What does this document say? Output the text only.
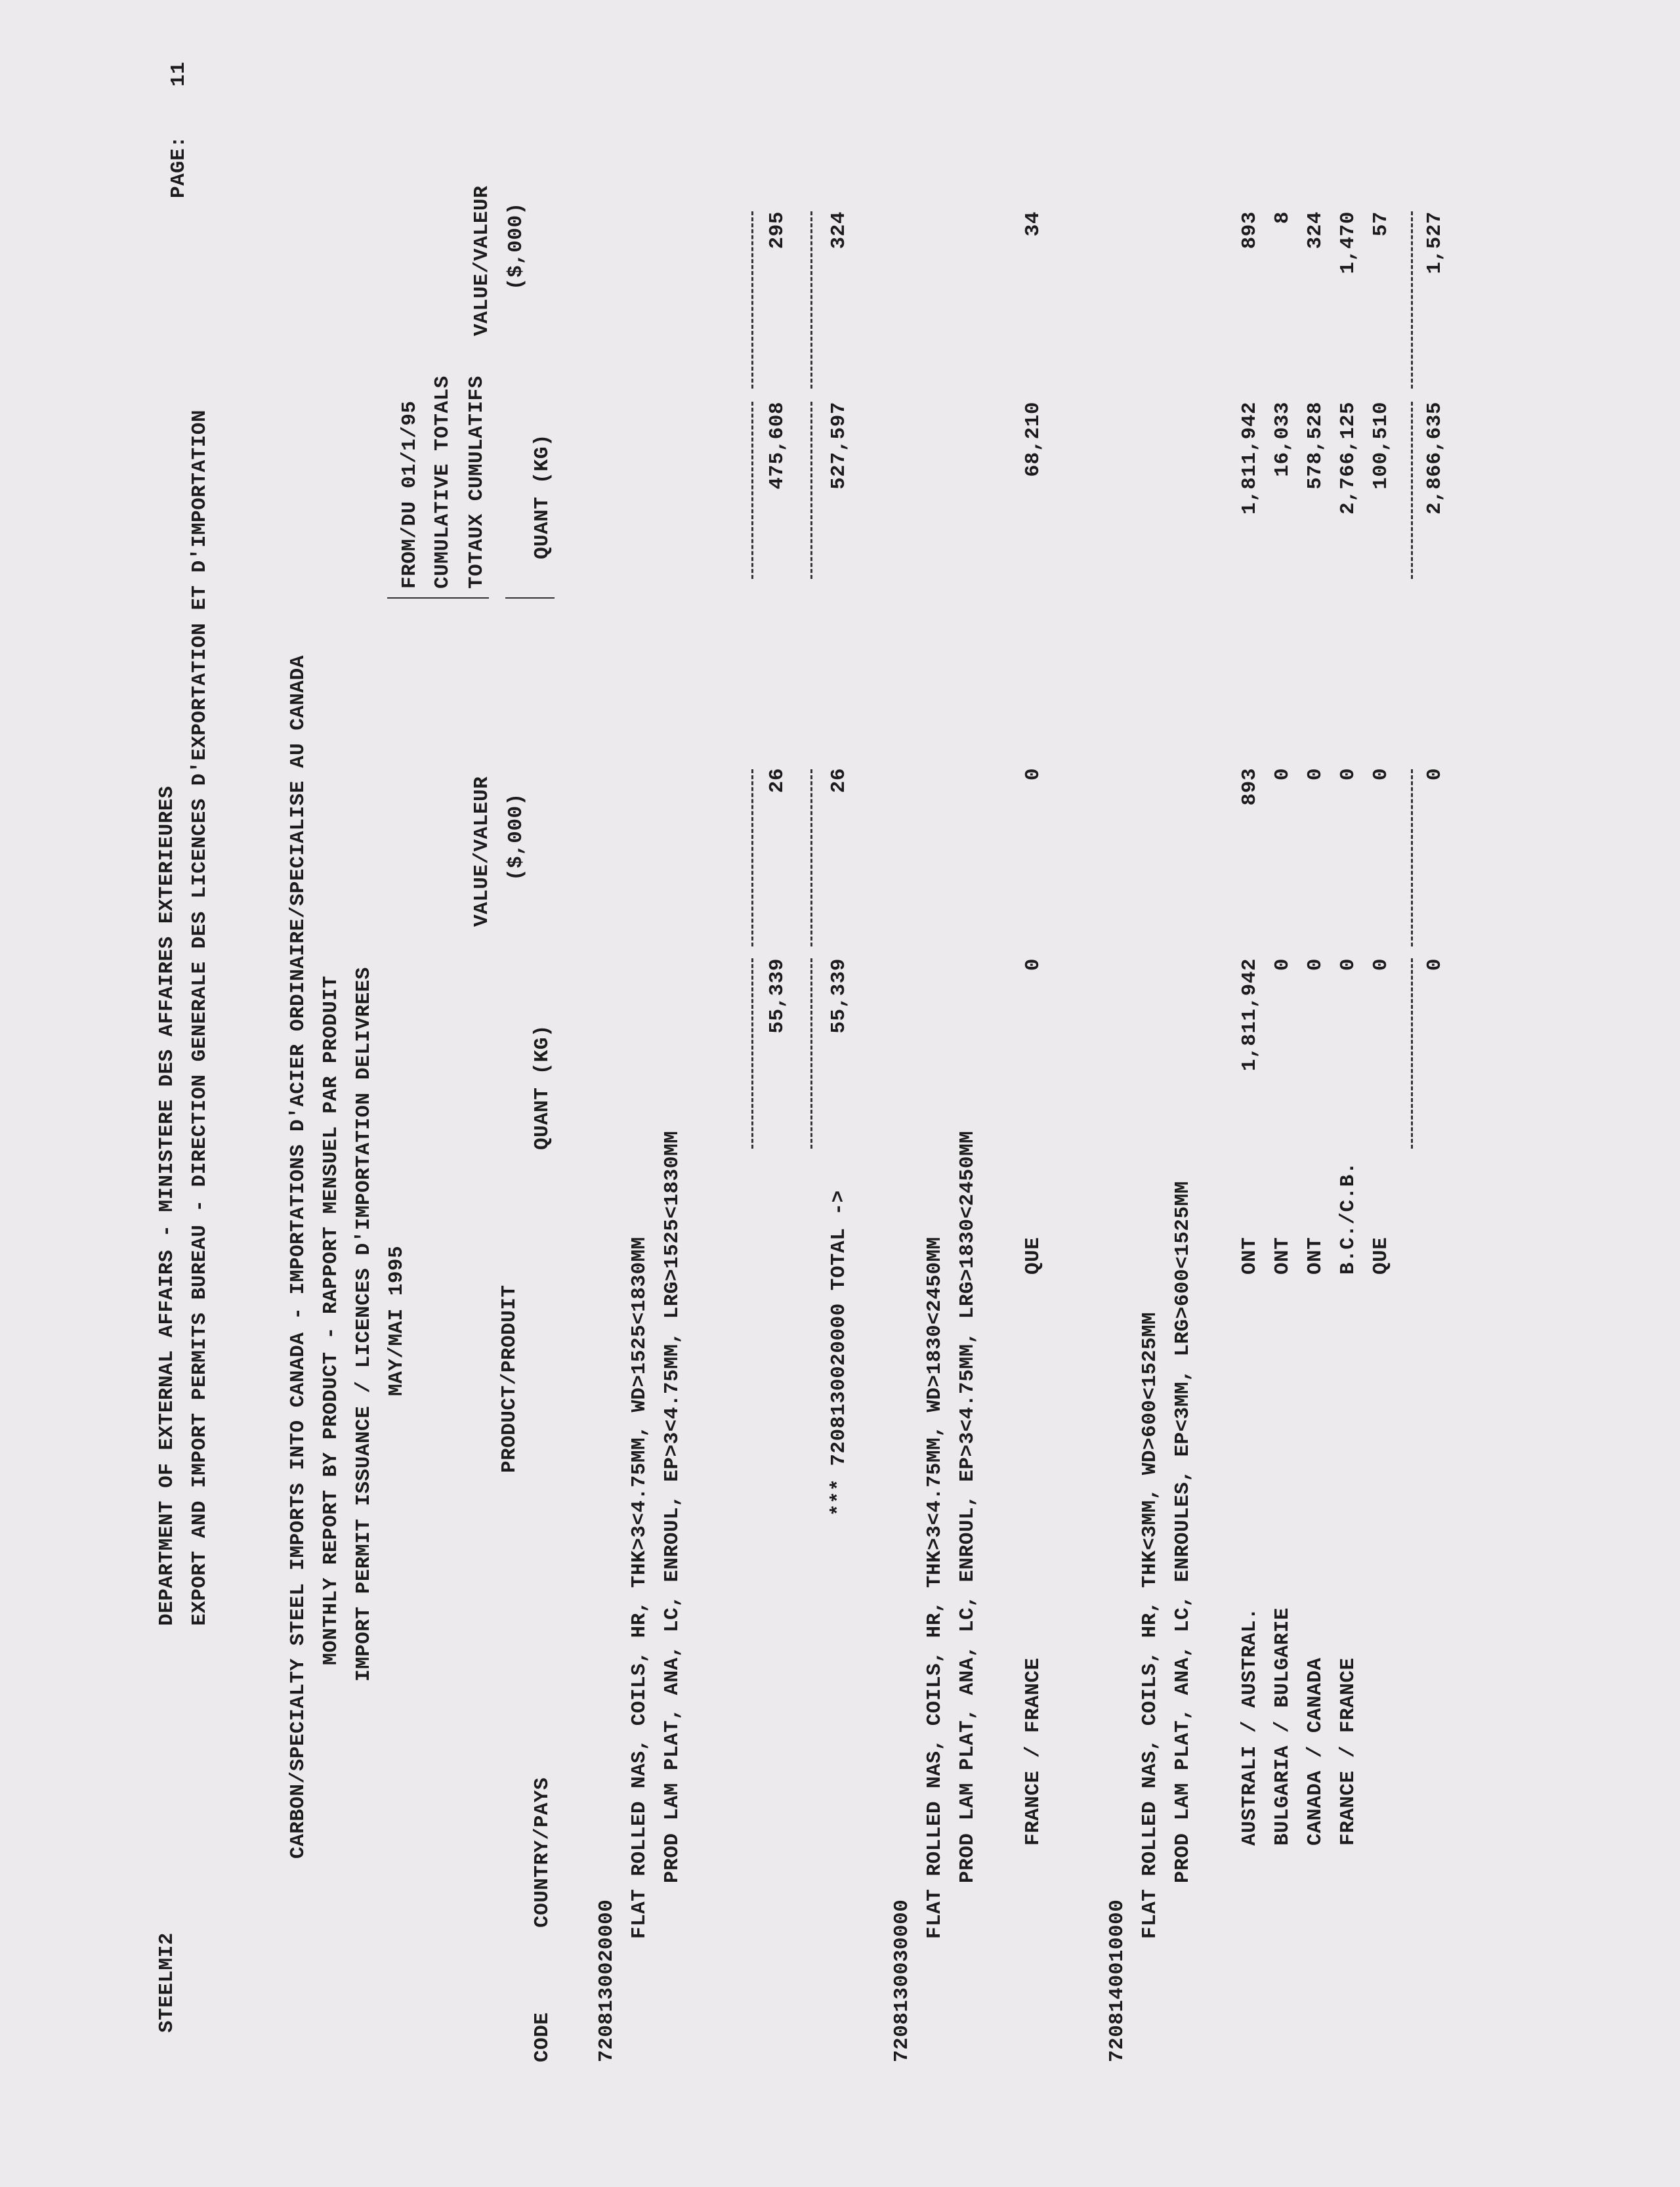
STEELMI2
DEPARTMENT OF EXTERNAL AFFAIRS - MINISTERE DES AFFAIRES EXTERIEURES EXPORT AND IMPORT PERMITS BUREAU - DIRECTION GENERALE DES LICENCES D'EXPORTATION ET D'IMPORTATION
PAGE:
11
CARBON/SPECIALTY STEEL IMPORTS INTO CANADA - IMPORTATIONS D'ACIER ORDINAIRE/SPECIALISE AU CANADA MONTHLY REPORT BY PRODUCT - RAPPORT MENSUEL PAR PRODUIT IMPORT PERMIT ISSUANCE / LICENCES D'IMPORTATION DELIVREES MAY/MAI 1995
FROM/DU 01/1/95 CUMULATIVE TOTALS TOTAUX CUMULATIFS
VALUE/VALEUR ($,000)
VALUE/VALEUR ($,000)
PRODUCT/PRODUIT
CODE
COUNTRY/PAYS
QUANT (KG)
QUANT (KG)
7208130020000
FLAT ROLLED NAS, COILS, HR, THK>3<4.75MM, WD>1525<1830MM PROD LAM PLAT, ANA, LC, ENROUL, EP>3<4.75MM, LRG>1525<1830MM
55,339
26
475,608
295
*** 7208130020000 TOTAL ->
55,339
26
527,597
324
7208130030000
FLAT ROLLED NAS, COILS, HR, THK>3<4.75MM, WD>1830<2450MM PROD LAM PLAT, ANA, LC, ENROUL, EP>3<4.75MM, LRG>1830<2450MM FRANCE / FRANCE
QUE
0
0
68,210
34
7208140010000
FLAT ROLLED NAS, COILS, HR, THK<3MM, WD>600<1525MM PROD LAM PLAT, ANA, LC, ENROULES, EP<3MM, LRG>600<1525MM AUSTRALI / AUSTRAL.
ONT
1,811,942
893
1,811,942
893
BULGARIA / BULGARIE
ONT
0
0
16,033
8
CANADA / CANADA
ONT
0
0
578,528
324
FRANCE / FRANCE
B.C./C.B.
0
0
2,766,125
1,470
QUE
0
0
100,510
57
0
0
2,866,635
1,527
